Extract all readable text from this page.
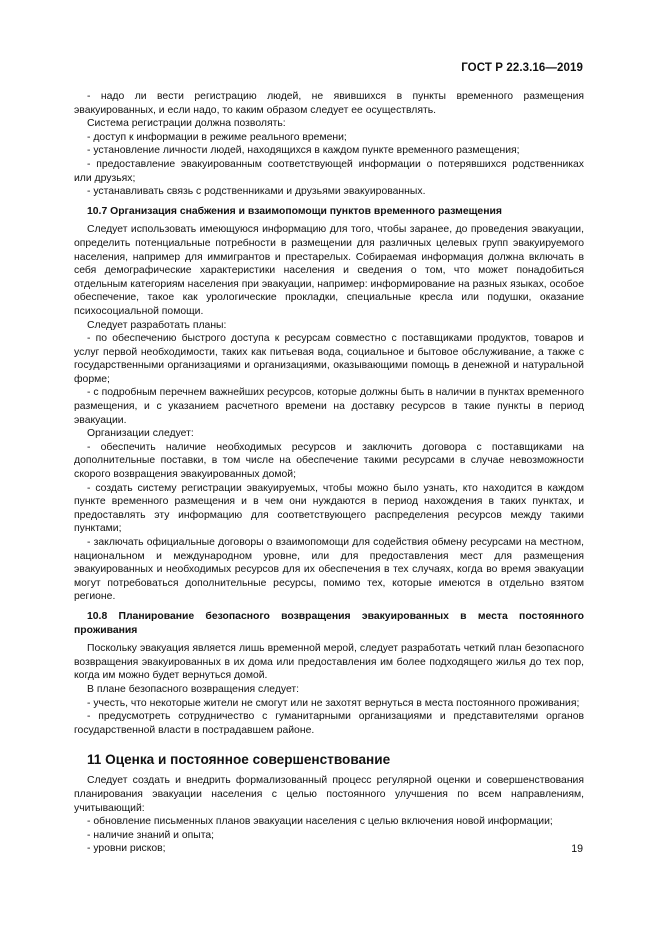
ГОСТ Р 22.3.16—2019

- надо ли вести регистрацию людей, не явившихся в пункты временного размещения эвакуированных, и если надо, то каким образом следует ее осуществлять.

Система регистрации должна позволять:

- доступ к информации в режиме реального времени;

- установление личности людей, находящихся в каждом пункте временного размещения;

- предоставление эвакуированным соответствующей информации о потерявшихся родственниках или друзьях;

- устанавливать связь с родственниками и друзьями эвакуированных.

10.7 Организация снабжения и взаимопомощи пунктов временного размещения

Следует использовать имеющуюся информацию для того, чтобы заранее, до проведения эвакуации, определить потенциальные потребности в размещении для различных целевых групп эвакуируемого населения, например для иммигрантов и престарелых. Собираемая информация должна включать в себя демографические характеристики населения и сведения о том, что может понадобиться отдельным категориям населения при эвакуации, например: информирование на разных языках, особое обеспечение, такое как урологические прокладки, специальные кресла или подушки, оказание психосоциальной помощи.

Следует разработать планы:

- по обеспечению быстрого доступа к ресурсам совместно с поставщиками продуктов, товаров и услуг первой необходимости, таких как питьевая вода, социальное и бытовое обслуживание, а также с государственными организациями и организациями, оказывающими помощь в денежной и натуральной форме;

- с подробным перечнем важнейших ресурсов, которые должны быть в наличии в пунктах временного размещения, и с указанием расчетного времени на доставку ресурсов в такие пункты в период эвакуации.

Организации следует:

- обеспечить наличие необходимых ресурсов и заключить договора с поставщиками на дополнительные поставки, в том числе на обеспечение такими ресурсами в случае невозможности скорого возвращения эвакуированных домой;

- создать систему регистрации эвакуируемых, чтобы можно было узнать, кто находится в каждом пункте временного размещения и в чем они нуждаются в период нахождения в таких пунктах, и предоставлять эту информацию для соответствующего распределения ресурсов между такими пунктами;

- заключать официальные договоры о взаимопомощи для содействия обмену ресурсами на местном, национальном и международном уровне, или для предоставления мест для размещения эвакуированных и необходимых ресурсов для их обеспечения в тех случаях, когда во время эвакуации могут потребоваться дополнительные ресурсы, помимо тех, которые имеются в отдельно взятом регионе.

10.8 Планирование безопасного возвращения эвакуированных в места постоянного проживания

Поскольку эвакуация является лишь временной мерой, следует разработать четкий план безопасного возвращения эвакуированных в их дома или предоставления им более подходящего жилья до тех пор, когда им можно будет вернуться домой.

В плане безопасного возвращения следует:

- учесть, что некоторые жители не смогут или не захотят вернуться в места постоянного проживания;

- предусмотреть сотрудничество с гуманитарными организациями и представителями органов государственной власти в пострадавшем районе.

11 Оценка и постоянное совершенствование

Следует создать и внедрить формализованный процесс регулярной оценки и совершенствования планирования эвакуации населения с целью постоянного улучшения по всем направлениям, учитывающий:

- обновление письменных планов эвакуации населения с целью включения новой информации;

- наличие знаний и опыта;

- уровни рисков;	19
